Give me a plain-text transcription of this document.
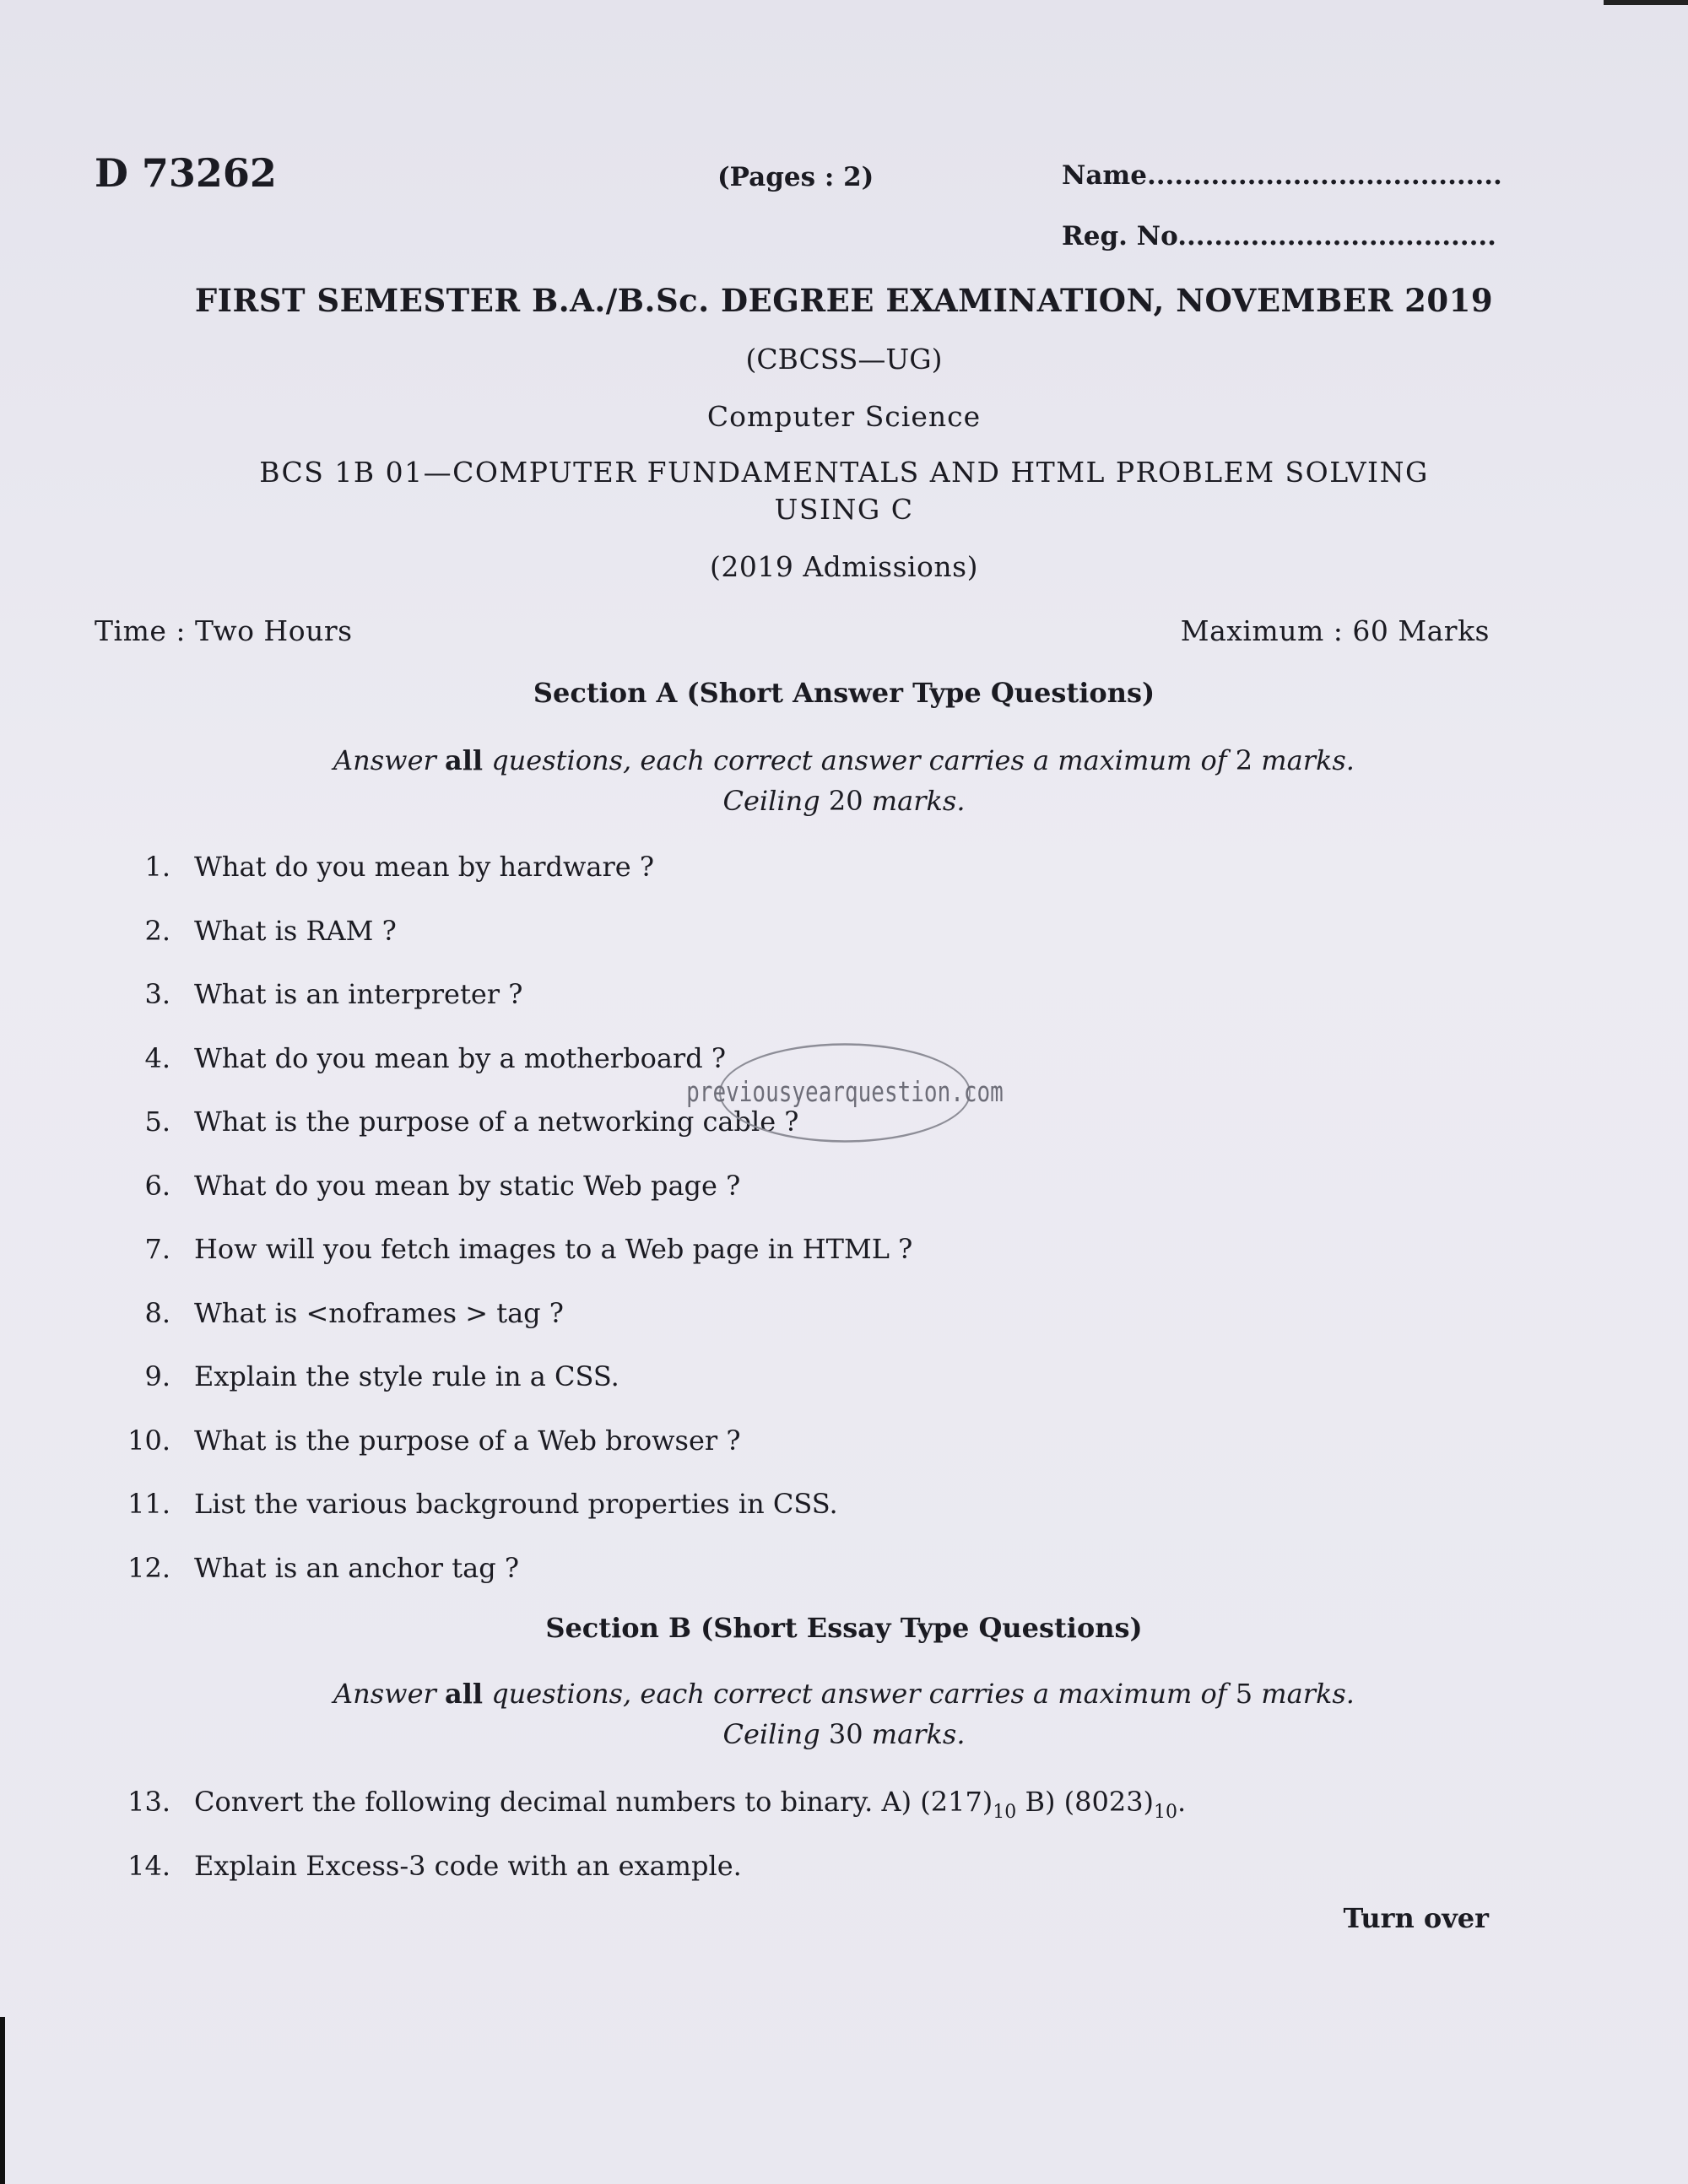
D 73262	(Pages : 2)	Name.......................................
Reg. No...................................
FIRST SEMESTER B.A./B.Sc. DEGREE EXAMINATION, NOVEMBER 2019
(CBCSS—UG)
Computer Science
BCS 1B 01—COMPUTER FUNDAMENTALS AND HTML PROBLEM SOLVING
USING C
(2019 Admissions)
Time : Two Hours	Maximum : 60 Marks
Section A (Short Answer Type Questions)
Answer all questions, each correct answer carries a maximum of 2 marks.
Ceiling 20 marks.
1. What do you mean by hardware ?
2. What is RAM ?
3. What is an interpreter ?
4. What do you mean by a motherboard ?
5. What is the purpose of a networking cable ?
6. What do you mean by static Web page ?
7. How will you fetch images to a Web page in HTML ?
8. What is <noframes > tag ?
9. Explain the style rule in a CSS.
10. What is the purpose of a Web browser ?
11. List the various background properties in CSS.
12. What is an anchor tag ?
Section B (Short Essay Type Questions)
Answer all questions, each correct answer carries a maximum of 5 marks.
Ceiling 30 marks.
13. Convert the following decimal numbers to binary. A) $(217)_{10}$ B) $(8023)_{10}$.
14. Explain Excess-3 code with an example.
Turn over
previousyearquestion.com
